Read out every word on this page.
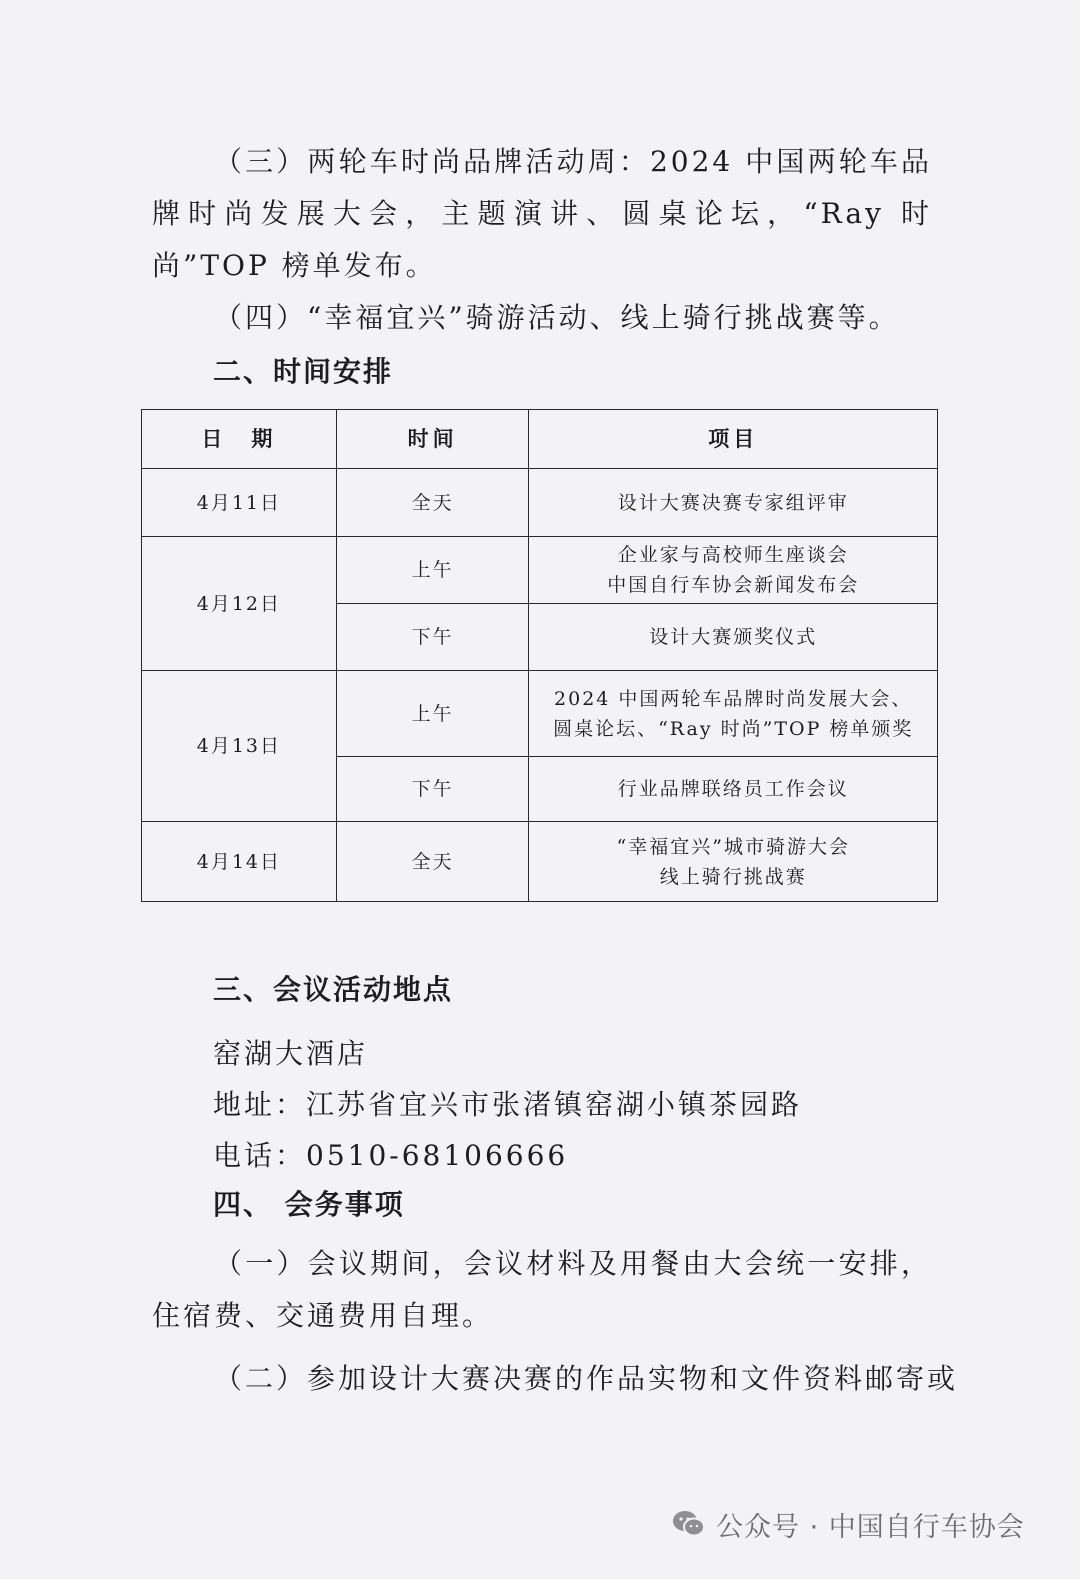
（三）两轮车时尚品牌活动周：2024 中国两轮车品牌时尚发展大会，主题演讲、圆桌论坛，“Ray 时尚”TOP 榜单发布。

（四）“幸福宜兴”骑游活动、线上骑行挑战赛等。

二、时间安排
日　期	时间	项目
4月11日	全天	设计大赛决赛专家组评审

4月12日	上午	企业家与高校师生座谈会
中国自行车协会新闻发布会

	下午	设计大赛颁奖仪式

4月13日	上午	2024 中国两轮车品牌时尚发展大会、
圆桌论坛、“Ray 时尚”TOP 榜单颁奖

	下午	行业品牌联络员工作会议

4月14日	全天	“幸福宜兴”城市骑游大会
线上骑行挑战赛
三、会议活动地点

窑湖大酒店

地址：江苏省宜兴市张渚镇窑湖小镇茶园路

电话：0510-68106666

四、 会务事项

（一）会议期间，会议材料及用餐由大会统一安排，住宿费、交通费用自理。

（二）参加设计大赛决赛的作品实物和文件资料邮寄或

公众号 · 中国自行车协会
